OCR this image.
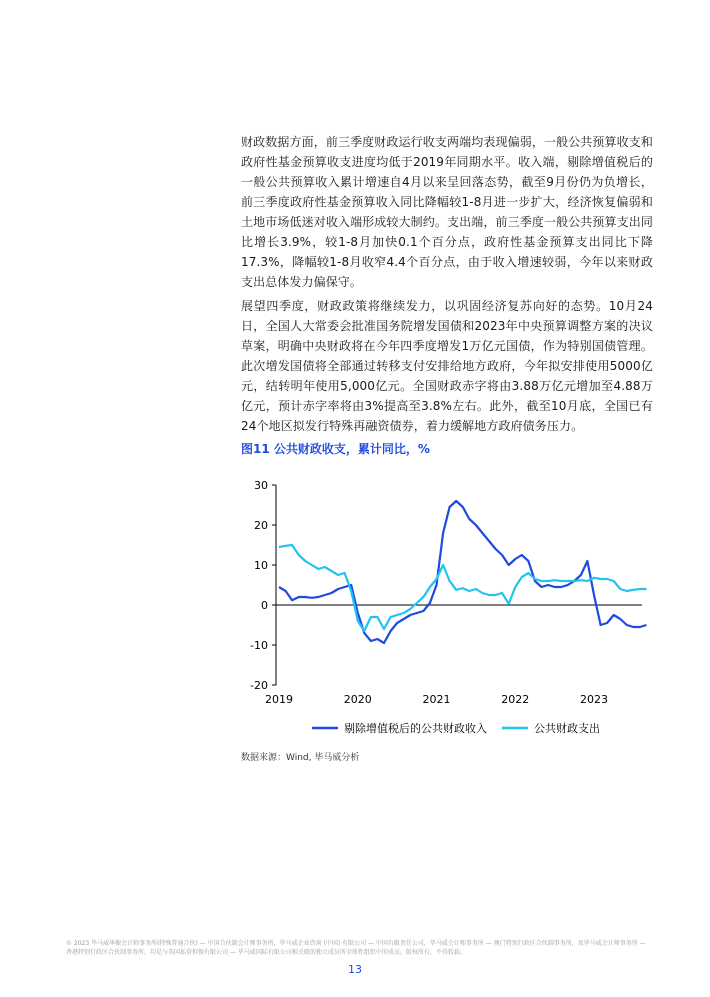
财政数据方面，前三季度财政运行收支两端均表现偏弱，一般公共预算收支和政府性基金预算收支进度均低于2019年同期水平。收入端，剔除增值税后的一般公共预算收入累计增速自4月以来呈回落态势，截至9月份仍为负增长，前三季度政府性基金预算收入同比降幅较1-8月进一步扩大，经济恢复偏弱和土地市场低迷对收入端形成较大制约。支出端，前三季度一般公共预算支出同比增长3.9%，较1-8月加快0.1个百分点，政府性基金预算支出同比下降17.3%，降幅较1-8月收窄4.4个百分点，由于收入增速较弱，今年以来财政支出总体发力偏保守。

展望四季度，财政政策将继续发力，以巩固经济复苏向好的态势。10月24日，全国人大常委会批准国务院增发国债和2023年中央预算调整方案的决议草案，明确中央财政将在今年四季度增发1万亿元国债，作为特别国债管理。此次增发国债将全部通过转移支付安排给地方政府，今年拟安排使用5000亿元，结转明年使用5,000亿元。全国财政赤字将由3.88万亿元增加至4.88万亿元，预计赤字率将由3%提高至3.8%左右。此外，截至10月底，全国已有24个地区拟发行特殊再融资债券，着力缓解地方政府债务压力。

图11 公共财政收支，累计同比，%

30
20
10
0
-10
-20
2019	2020	2021	2022	2023
剔除增值税后的公共财政收入	公共财政支出

数据来源：Wind, 毕马威分析

© 2023 毕马威华振会计师事务所(特殊普通合伙) — 中国合伙制会计师事务所，毕马威企业咨询 (中国) 有限公司 — 中国有限责任公司，毕马威会计师事务所 — 澳门特别行政区合伙制事务所，及毕马威会计师事务所 — 香港特别行政区合伙制事务所，均是与英国私营担保有限公司 — 毕马威国际有限公司相关联的独立成员所全球性组织中的成员。版权所有，不得转载。

13
